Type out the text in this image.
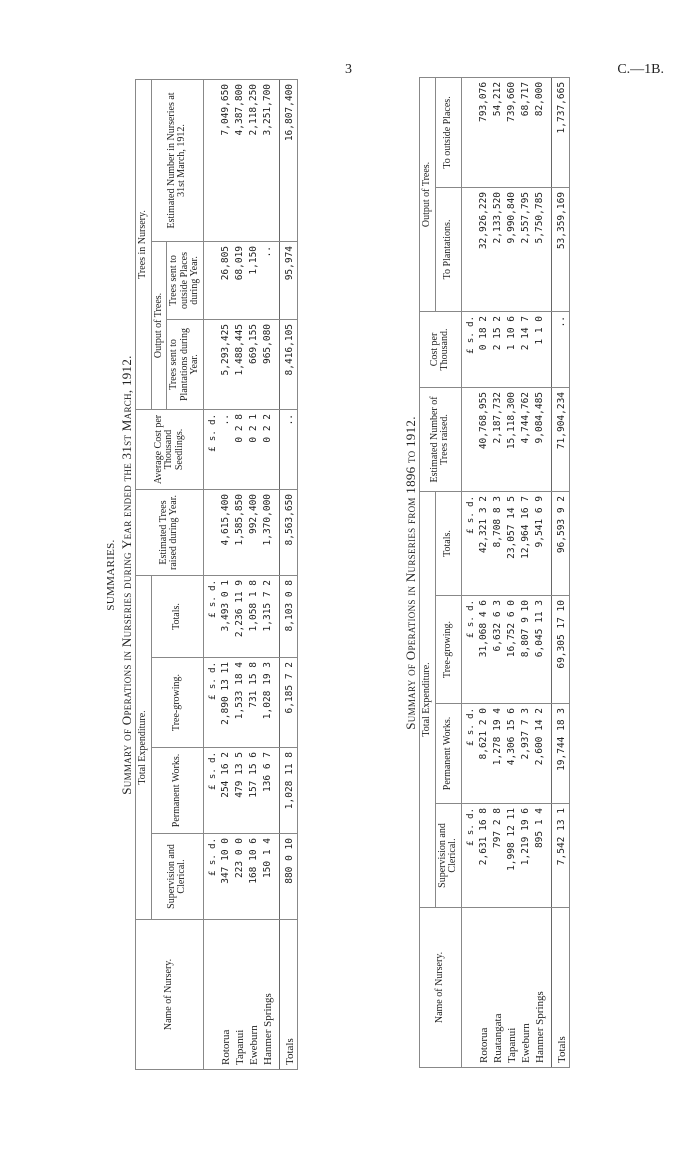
3	C.—1B.
SUMMARIES. Summary of Operations in Nurseries during Year ended the 31st March, 1912.
Name of Nursery.	Total Expenditure.				Estimated Trees raised during Year.	Average Cost per Thousand Seedlings.	Trees in Nursery.		
	Supervision and Clerical.	Permanent Works.	Tree-growing.	Totals.			Output of Trees.		Estimated Number in Nurseries at 31st March, 1912.
							Trees sent to Plantations during Year.	Trees sent to outside Places during Year.	
	£ s. d.	£ s. d.	£ s. d.	£ s. d.		£ s. d.			
Rotorua	347 10 0	254 16 2	2,890 13 11	3,493 0 1	4,615,400	..	5,293,425	26,805	7,049,650
Tapanui	223 0 0	479 13 5	1,533 18 4	2,236 11 9	1,585,850	0 2 8	1,488,445	68,019	4,387,800
Eweburn	168 10 6	157 15 6	731 15 8	1,058 1 8	992,400	0 2 1	669,155	1,150	2,118,250
Hanmer Springs	150 1 4	136 6 7	1,028 19 3	1,315 7 2	1,370,000	0 2 2	965,080	..	3,251,700
Totals	880 0 10	1,028 11 8	6,185 7 2	8,103 0 8	8,563,650	..	8,416,105	95,974	16,807,400
Summary of Operations in Nurseries from 1896 to 1912.
Name of Nursery.	Total Expenditure.				Estimated Number of Trees raised.	Cost per Thousand.	Output of Trees.	
	Supervision and Clerical.	Permanent Works.	Tree-growing.	Totals.			To Plantations.	To outside Places.
	£ s. d.	£ s. d.	£ s. d.	£ s. d.		£ s. d.		
Rotorua	2,631 16 8	8,621 2 0	31,068 4 6	42,321 3 2	40,768,955	0 18 2	32,926,229	793,076
Ruatangata	797 2 8	1,278 19 4	6,632 6 3	8,708 8 3	2,187,732	2 15 2	2,133,520	54,212
Tapanui	1,998 12 11	4,306 15 6	16,752 6 0	23,057 14 5	15,118,300	1 10 6	9,990,840	739,660
Eweburn	1,219 19 6	2,937 7 3	8,807 9 10	12,964 16 7	4,744,762	2 14 7	2,557,795	68,717
Hanmer Springs	895 1 4	2,600 14 2	6,045 11 3	9,541 6 9	9,084,485	1 1 0	5,750,785	82,000
Totals	7,542 13 1	19,744 18 3	69,305 17 10	96,593 9 2	71,904,234	..	53,359,169	1,737,665
